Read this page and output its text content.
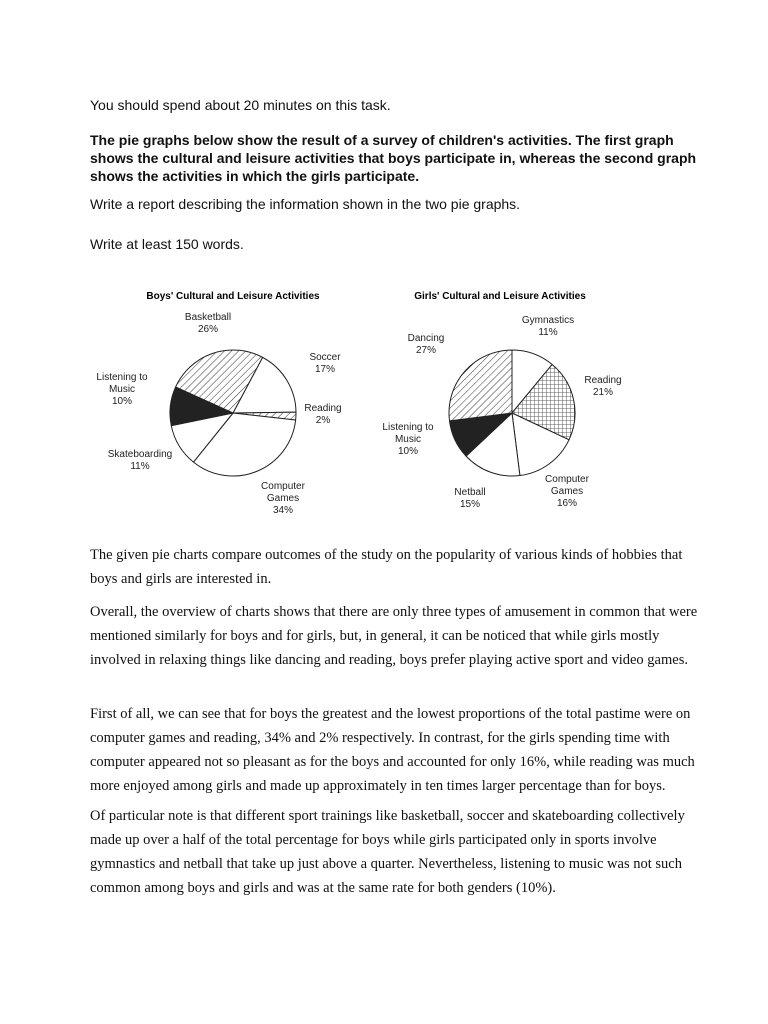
You should spend about 20 minutes on this task.

The pie graphs below show the result of a survey of children's activities. The first graph shows the cultural and leisure activities that boys participate in, whereas the second graph shows the activities in which the girls participate.

Write a report describing the information shown in the two pie graphs.

Write at least 150 words.

Boys' Cultural and Leisure Activities	Girls' Cultural and Leisure Activities
Soccer 17%
Reading 2%
Computer Games 34%
Skateboarding 11%
Listening to Music 10%
Basketball 26%
Gymnastics 11%
Reading 21%
Computer Games 16%
Netball 15%
Listening to Music 10%
Dancing 27%

The given pie charts compare outcomes of the study on the popularity of various kinds of hobbies that boys and girls are interested in.

Overall, the overview of charts shows that there are only three types of amusement in common that were mentioned similarly for boys and for girls, but, in general, it can be noticed that while girls mostly involved in relaxing things like dancing and reading, boys prefer playing active sport and video games.

First of all, we can see that for boys the greatest and the lowest proportions of the total pastime were on computer games and reading, 34% and 2% respectively. In contrast, for the girls spending time with computer appeared not so pleasant as for the boys and accounted for only 16%, while reading was much more enjoyed among girls and made up approximately in ten times larger percentage than for boys.

Of particular note is that different sport trainings like basketball, soccer and skateboarding collectively made up over a half of the total percentage for boys while girls participated only in sports involve gymnastics and netball that take up just above a quarter. Nevertheless, listening to music was not such common among boys and girls and was at the same rate for both genders (10%).
